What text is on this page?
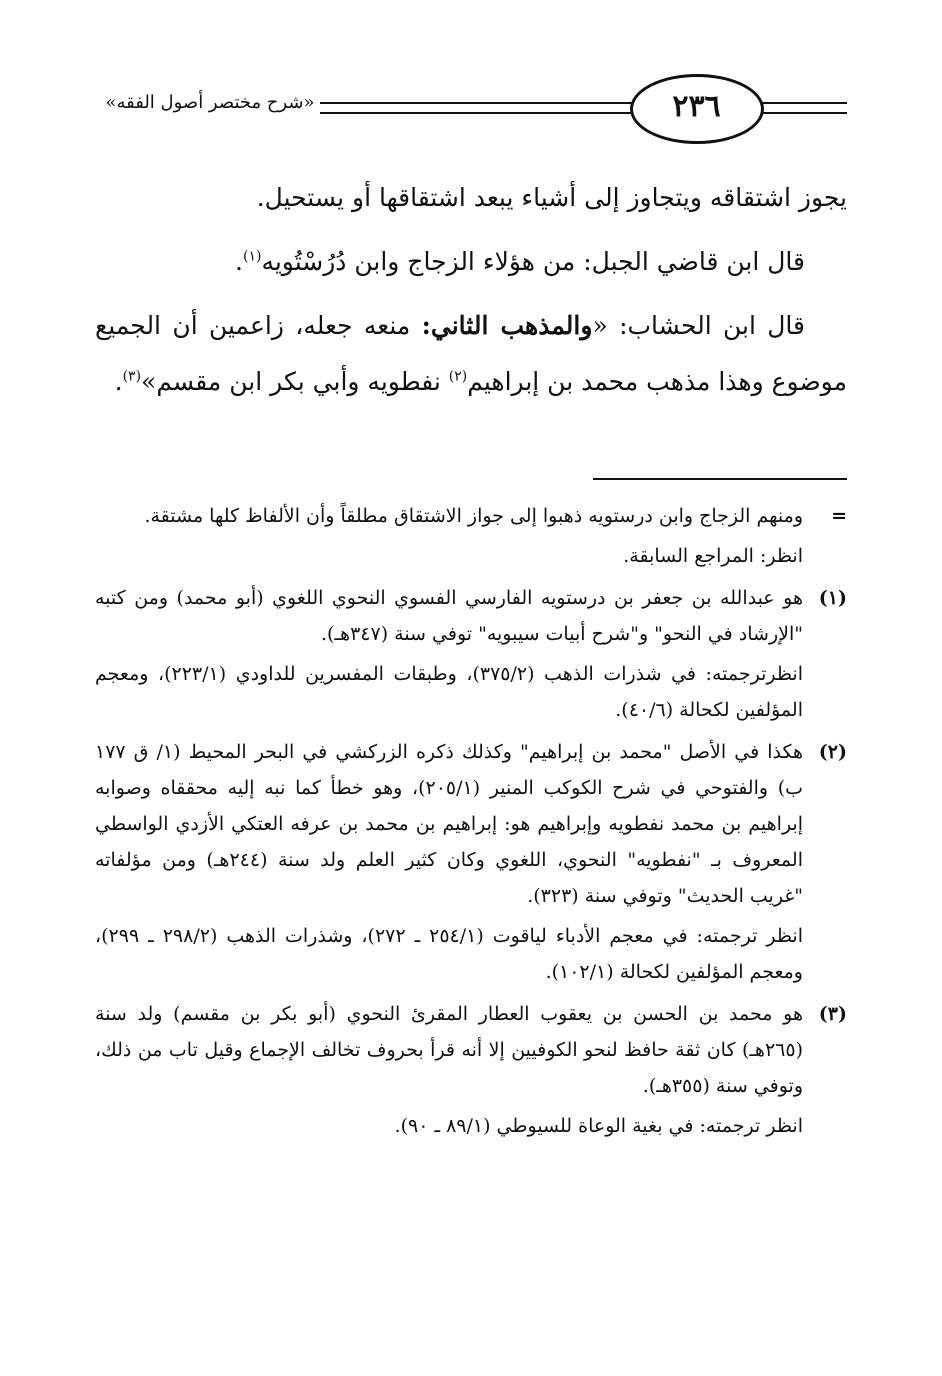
٢٣٦
«شرح مختصر أصول الفقه»

يجوز اشتقاقه ويتجاوز إلى أشياء يبعد اشتقاقها أو يستحيل.

قال ابن قاضي الجبل: من هؤلاء الزجاج وابن دُرُسْتُويه$^{(١)}$.

قال ابن الحشاب: «والمذهب الثاني: منعه جعله، زاعمين أن الجميع موضوع وهذا مذهب محمد بن إبراهيم$^{(٢)}$ نفطويه وأبي بكر ابن مقسم»$^{(٣)}$.

=

ومنهم الزجاج وابن درستويه ذهبوا إلى جواز الاشتقاق مطلقاً وأن الألفاظ كلها مشتقة.

انظر: المراجع السابقة.

(١)

هو عبدالله بن جعفر بن درستويه الفارسي الفسوي النحوي اللغوي (أبو محمد) ومن كتبه "الإرشاد في النحو" و"شرح أبيات سيبويه" توفي سنة (٣٤٧هـ).

انظرترجمته: في شذرات الذهب (٣٧٥/٢)، وطبقات المفسرين للداودي (٢٢٣/١)، ومعجم المؤلفين لكحالة (٤٠/٦).

(٢)

هكذا في الأصل "محمد بن إبراهيم" وكذلك ذكره الزركشي في البحر المحيط (١/ ق ١٧٧ ب) والفتوحي في شرح الكوكب المنير (٢٠٥/١)، وهو خطأ كما نبه إليه محققاه وصوابه إبراهيم بن محمد نفطويه وإبراهيم هو: إبراهيم بن محمد بن عرفه العتكي الأزدي الواسطي المعروف بـ "نفطويه" النحوي، اللغوي وكان كثير العلم ولد سنة (٢٤٤هـ) ومن مؤلفاته "غريب الحديث" وتوفي سنة (٣٢٣).

انظر ترجمته: في معجم الأدباء لياقوت (٢٥٤/١ ـ ٢٧٢)، وشذرات الذهب (٢٩٨/٢ ـ ٢٩٩)، ومعجم المؤلفين لكحالة (١٠٢/١).

(٣)

هو محمد بن الحسن بن يعقوب العطار المقرئ النحوي (أبو بكر بن مقسم) ولد سنة (٢٦٥هـ) كان ثقة حافظ لنحو الكوفيين إلا أنه قرأ بحروف تخالف الإجماع وقيل تاب من ذلك، وتوفي سنة (٣٥٥هـ).

انظر ترجمته: في بغية الوعاة للسيوطي (٨٩/١ ـ ٩٠).
